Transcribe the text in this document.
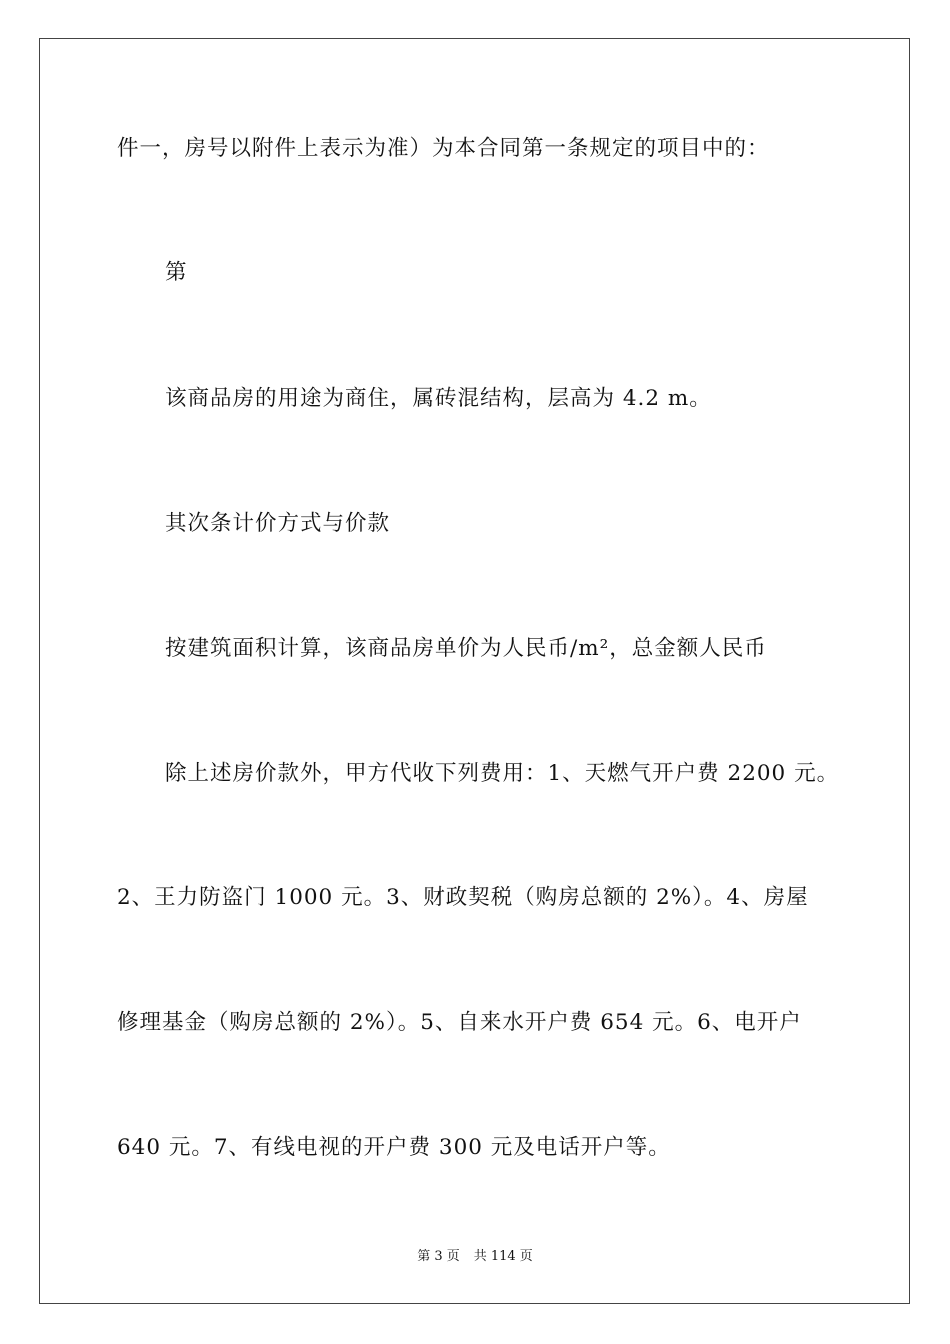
件一，房号以附件上表示为准）为本合同第一条规定的项目中的：
第
该商品房的用途为商住，属砖混结构，层高为 4.2 m。
其次条计价方式与价款
按建筑面积计算，该商品房单价为人民币/m²，总金额人民币
除上述房价款外，甲方代收下列费用：1、天燃气开户费 2200 元。
2、王力防盗门 1000 元。3、财政契税（购房总额的 2%）。4、房屋
修理基金（购房总额的 2%）。5、自来水开户费 654 元。6、电开户
640 元。7、有线电视的开户费 300 元及电话开户等。
第 3 页 共 114 页
